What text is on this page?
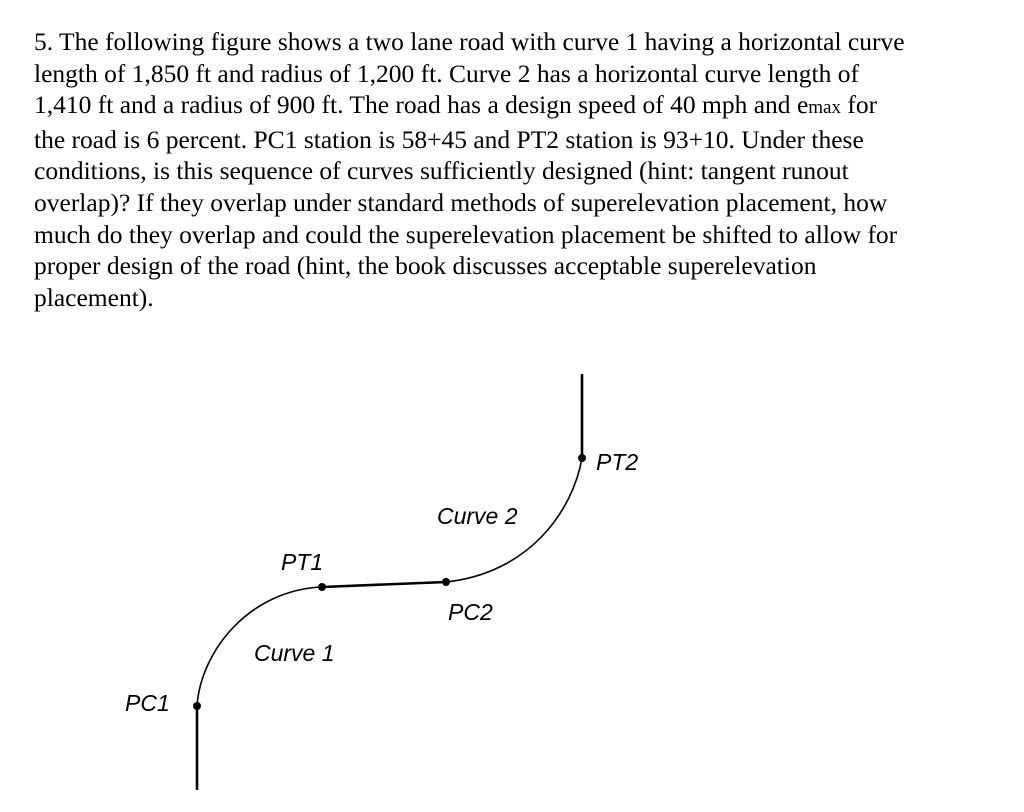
5. The following figure shows a two lane road with curve 1 having a horizontal curve
length of 1,850 ft and radius of 1,200 ft. Curve 2 has a horizontal curve length of
1,410 ft and a radius of 900 ft. The road has a design speed of 40 mph and emax for
the road is 6 percent. PC1 station is 58+45 and PT2 station is 93+10. Under these
conditions, is this sequence of curves sufficiently designed (hint: tangent runout
overlap)? If they overlap under standard methods of superelevation placement, how
much do they overlap and could the superelevation placement be shifted to allow for
proper design of the road (hint, the book discusses acceptable superelevation
placement).
PT2
Curve 2
PT1
PC2
Curve 1
PC1
